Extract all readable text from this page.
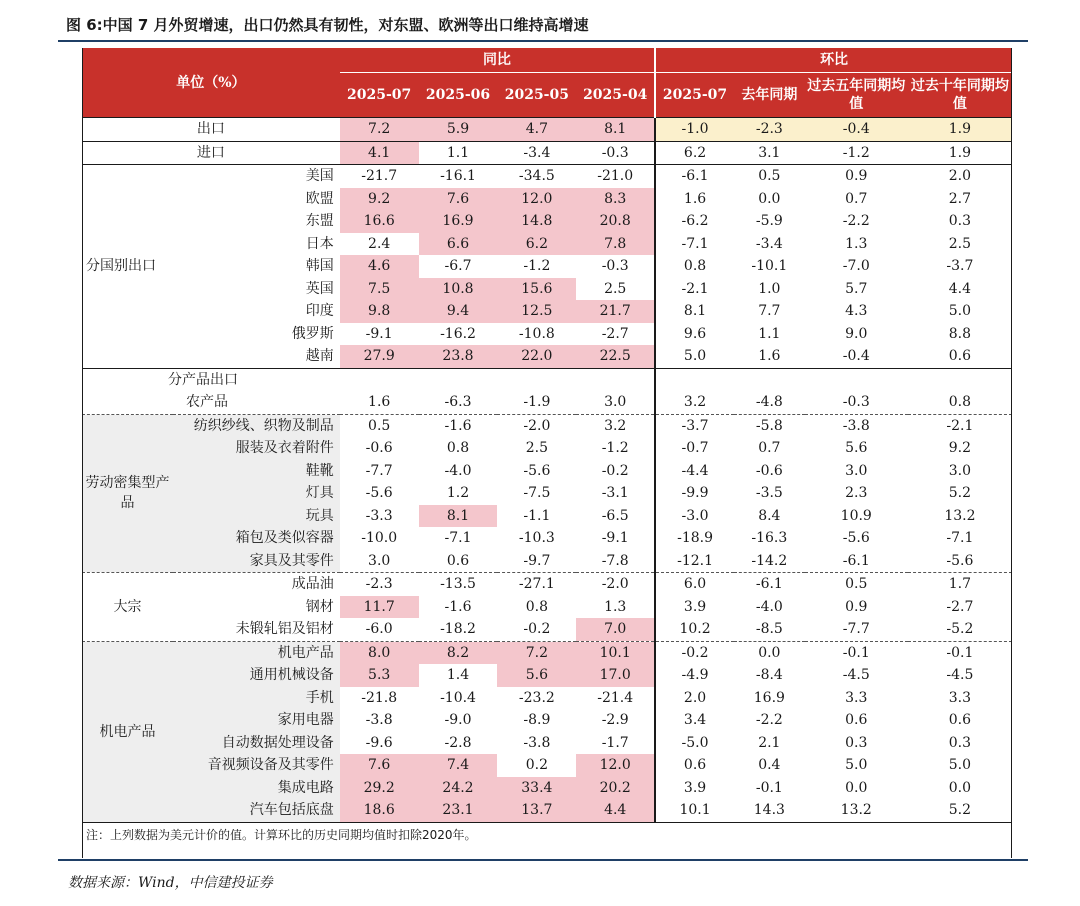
图 6:中国 7 月外贸增速，出口仍然具有韧性，对东盟、欧洲等出口维持高增速
单位（%）		同比				环比			
		2025-07	2025-06	2025-05	2025-04	2025-07	去年同期	过去五年同期均值	过去十年同期均值
出口		7.2	5.9	4.7	8.1	-1.0	-2.3	-0.4	1.9
进口		4.1	1.1	-3.4	-0.3	6.2	3.1	-1.2	1.9
分国别出口	美国	-21.7	-16.1	-34.5	-21.0	-6.1	0.5	0.9	2.0
	欧盟	9.2	7.6	12.0	8.3	1.6	0.0	0.7	2.7
	东盟	16.6	16.9	14.8	20.8	-6.2	-5.9	-2.2	0.3
	日本	2.4	6.6	6.2	7.8	-7.1	-3.4	1.3	2.5
	韩国	4.6	-6.7	-1.2	-0.3	0.8	-10.1	-7.0	-3.7
	英国	7.5	10.8	15.6	2.5	-2.1	1.0	5.7	4.4
	印度	9.8	9.4	12.5	21.7	8.1	7.7	4.3	5.0
	俄罗斯	-9.1	-16.2	-10.8	-2.7	9.6	1.1	9.0	8.8
	越南	27.9	23.8	22.0	22.5	5.0	1.6	-0.4	0.6
分产品出口									
农产品		1.6	-6.3	-1.9	3.0	3.2	-4.8	-0.3	0.8
劳动密集型产品	纺织纱线、织物及制品	0.5	-1.6	-2.0	3.2	-3.7	-5.8	-3.8	-2.1
	服装及衣着附件	-0.6	0.8	2.5	-1.2	-0.7	0.7	5.6	9.2
	鞋靴	-7.7	-4.0	-5.6	-0.2	-4.4	-0.6	3.0	3.0
	灯具	-5.6	1.2	-7.5	-3.1	-9.9	-3.5	2.3	5.2
	玩具	-3.3	8.1	-1.1	-6.5	-3.0	8.4	10.9	13.2
	箱包及类似容器	-10.0	-7.1	-10.3	-9.1	-18.9	-16.3	-5.6	-7.1
	家具及其零件	3.0	0.6	-9.7	-7.8	-12.1	-14.2	-6.1	-5.6
大宗	成品油	-2.3	-13.5	-27.1	-2.0	6.0	-6.1	0.5	1.7
	钢材	11.7	-1.6	0.8	1.3	3.9	-4.0	0.9	-2.7
	未锻轧铝及铝材	-6.0	-18.2	-0.2	7.0	10.2	-8.5	-7.7	-5.2
机电产品	机电产品	8.0	8.2	7.2	10.1	-0.2	0.0	-0.1	-0.1
	通用机械设备	5.3	1.4	5.6	17.0	-4.9	-8.4	-4.5	-4.5
	手机	-21.8	-10.4	-23.2	-21.4	2.0	16.9	3.3	3.3
	家用电器	-3.8	-9.0	-8.9	-2.9	3.4	-2.2	0.6	0.6
	自动数据处理设备	-9.6	-2.8	-3.8	-1.7	-5.0	2.1	0.3	0.3
	音视频设备及其零件	7.6	7.4	0.2	12.0	0.6	0.4	5.0	5.0
	集成电路	29.2	24.2	33.4	20.2	3.9	-0.1	0.0	0.0
	汽车包括底盘	18.6	23.1	13.7	4.4	10.1	14.3	13.2	5.2
注：上列数据为美元计价的值。计算环比的历史同期均值时扣除2020年。									
数据来源：Wind，中信建投证券
